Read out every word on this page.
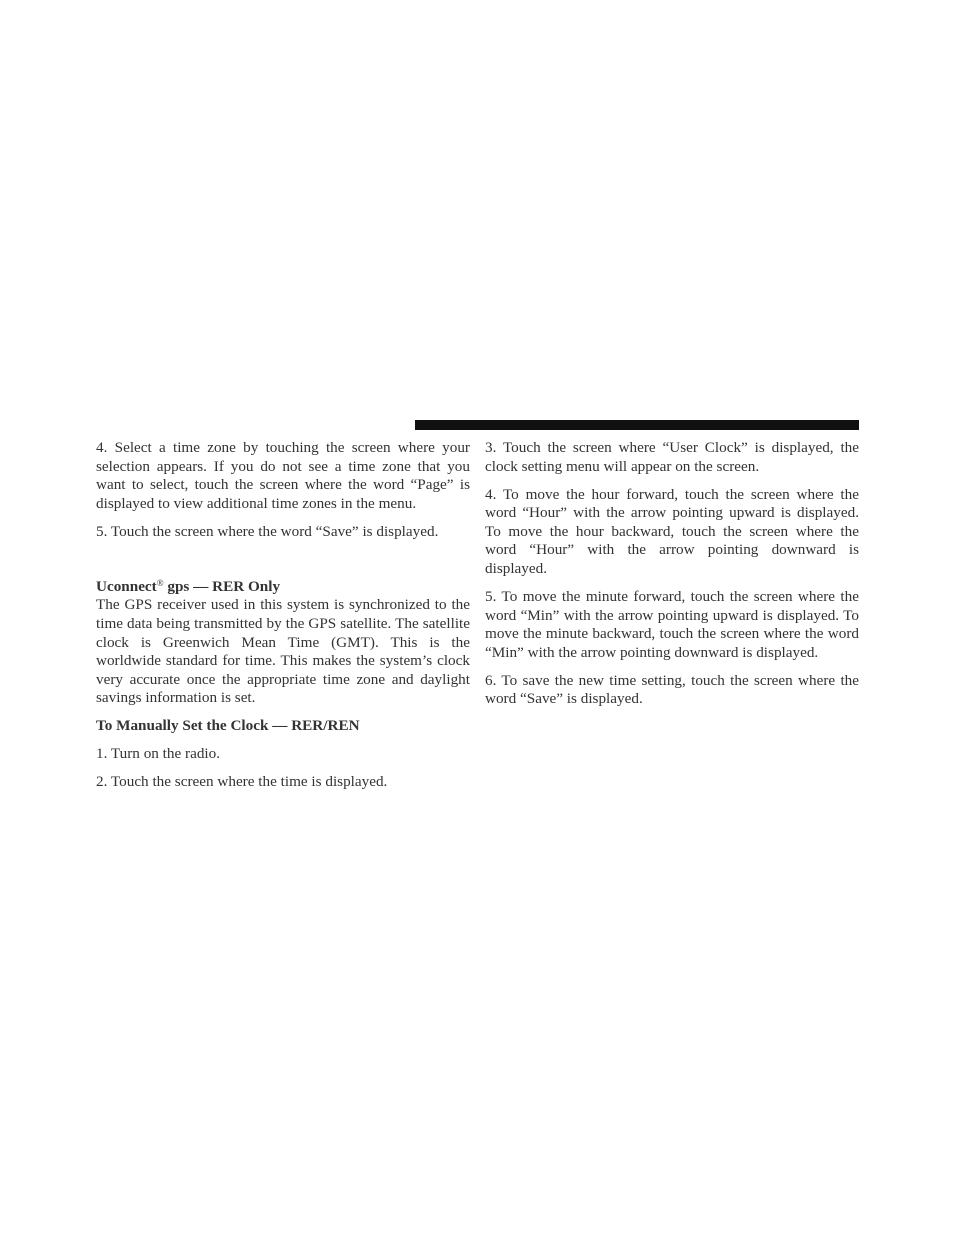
4. Select a time zone by touching the screen where your selection appears. If you do not see a time zone that you want to select, touch the screen where the word “Page” is displayed to view additional time zones in the menu.

5. Touch the screen where the word “Save” is displayed.

Uconnect® gps — RER Only

The GPS receiver used in this system is synchronized to the time data being transmitted by the GPS satellite. The satellite clock is Greenwich Mean Time (GMT). This is the worldwide standard for time. This makes the system’s clock very accurate once the appropriate time zone and daylight savings information is set.

To Manually Set the Clock — RER/REN

1. Turn on the radio.

2. Touch the screen where the time is displayed.

3. Touch the screen where “User Clock” is displayed, the clock setting menu will appear on the screen.

4. To move the hour forward, touch the screen where the word “Hour” with the arrow pointing upward is displayed. To move the hour backward, touch the screen where the word “Hour” with the arrow pointing downward is displayed.

5. To move the minute forward, touch the screen where the word “Min” with the arrow pointing upward is displayed. To move the minute backward, touch the screen where the word “Min” with the arrow pointing downward is displayed.

6. To save the new time setting, touch the screen where the word “Save” is displayed.
